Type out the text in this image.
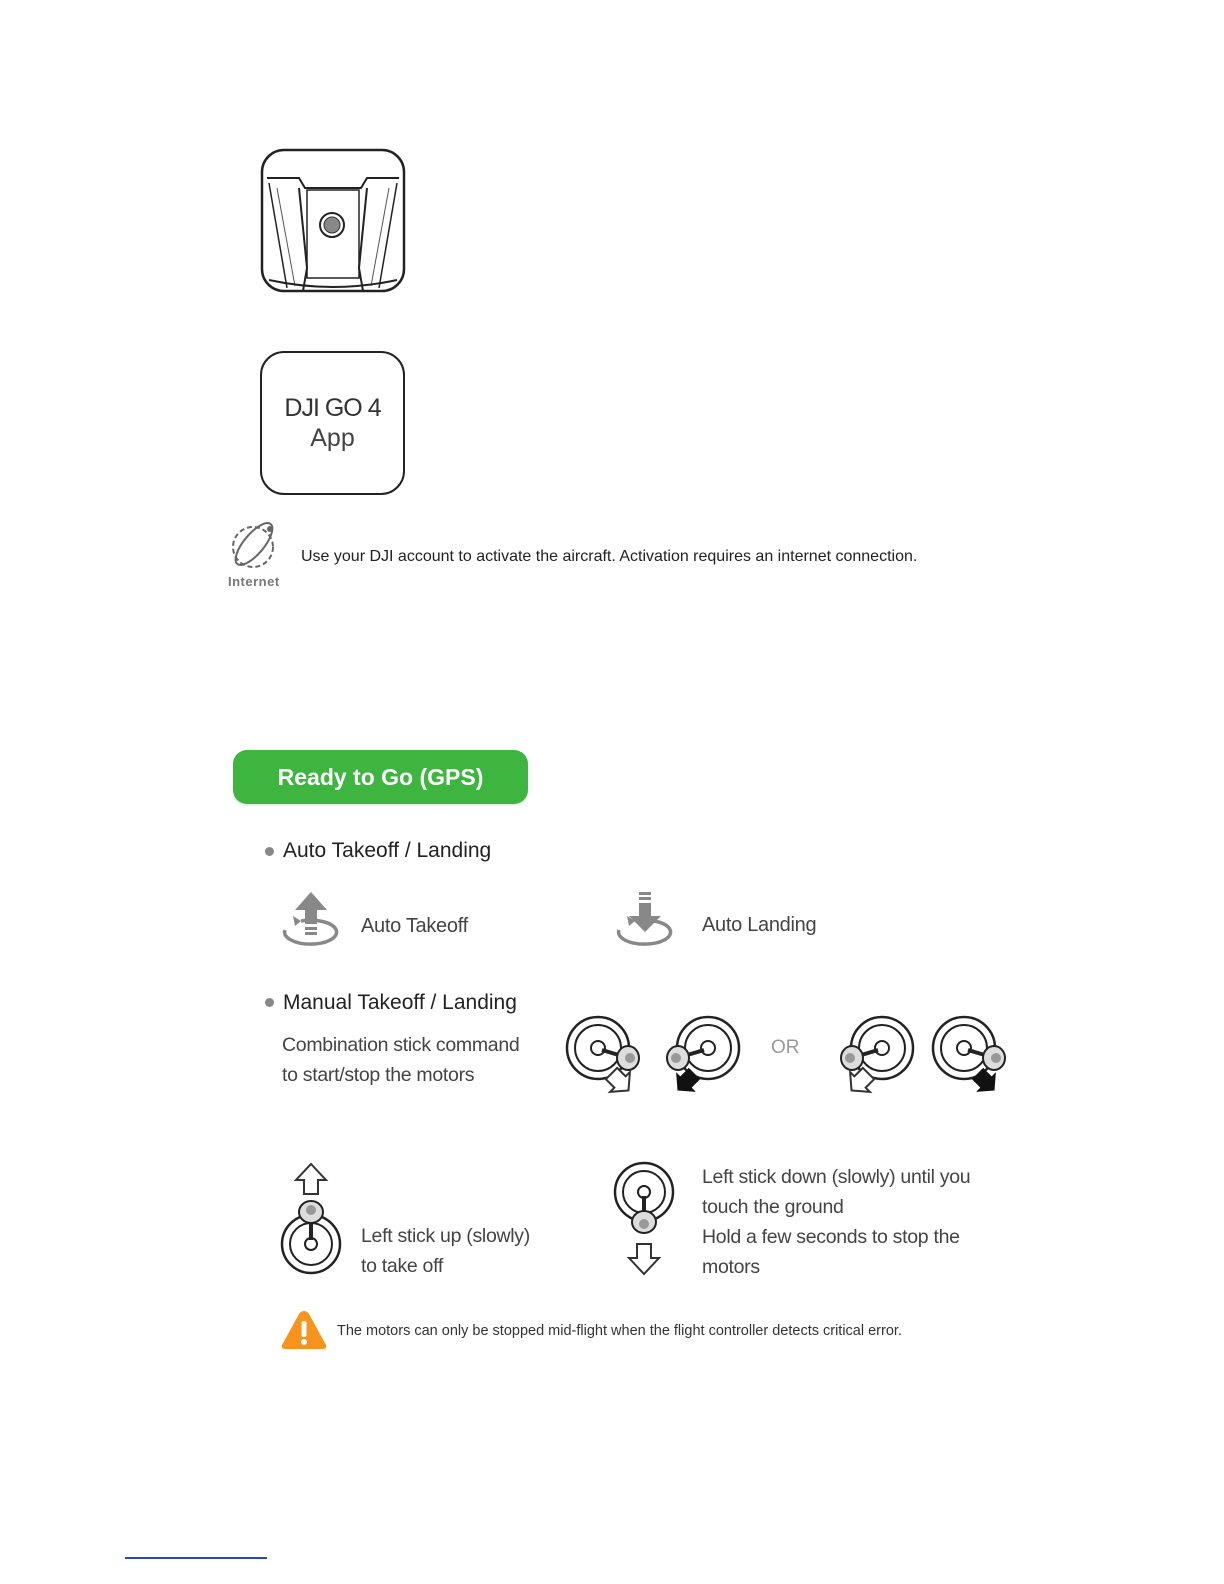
DJI GO 4
App
Internet
Use your DJI account to activate the aircraft. Activation requires an internet connection.
Ready to Go (GPS)
Auto Takeoff / Landing
Auto Takeoff	Auto Landing
Manual Takeoff / Landing
Combination stick command
to start/stop the motors
OR
Left stick up (slowly)
to take off
Left stick down (slowly) until you
touch the ground
Hold a few seconds to stop the
motors
The motors can only be stopped mid-flight when the flight controller detects critical error.
